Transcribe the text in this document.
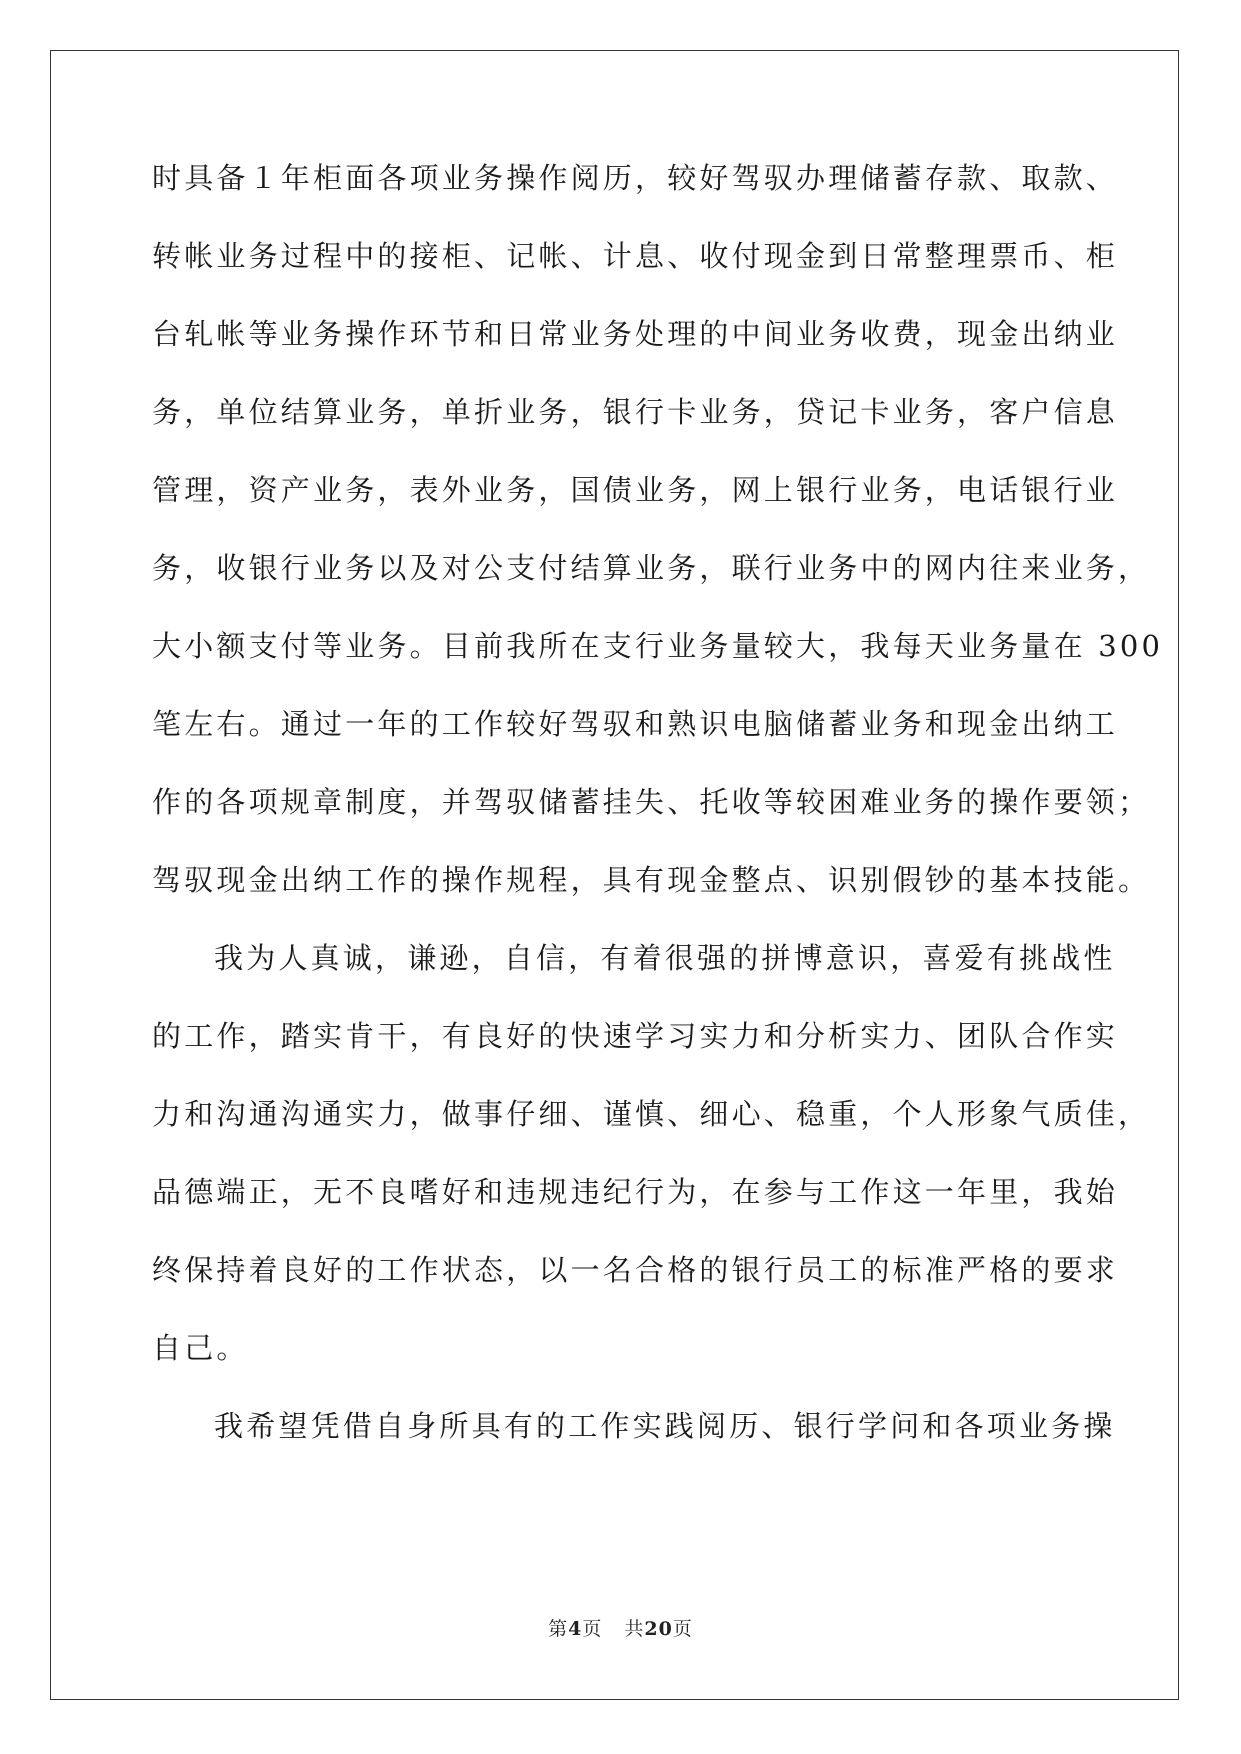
时具备１年柜面各项业务操作阅历，较好驾驭办理储蓄存款、取款、
转帐业务过程中的接柜、记帐、计息、收付现金到日常整理票币、柜
台轧帐等业务操作环节和日常业务处理的中间业务收费，现金出纳业
务，单位结算业务，单折业务，银行卡业务，贷记卡业务，客户信息
管理，资产业务，表外业务，国债业务，网上银行业务，电话银行业
务，收银行业务以及对公支付结算业务，联行业务中的网内往来业务，
大小额支付等业务。目前我所在支行业务量较大，我每天业务量在 300
笔左右。通过一年的工作较好驾驭和熟识电脑储蓄业务和现金出纳工
作的各项规章制度，并驾驭储蓄挂失、托收等较困难业务的操作要领；
驾驭现金出纳工作的操作规程，具有现金整点、识别假钞的基本技能。
我为人真诚，谦逊，自信，有着很强的拼博意识，喜爱有挑战性
的工作，踏实肯干，有良好的快速学习实力和分析实力、团队合作实
力和沟通沟通实力，做事仔细、谨慎、细心、稳重，个人形象气质佳，
品德端正，无不良嗜好和违规违纪行为，在参与工作这一年里，我始
终保持着良好的工作状态，以一名合格的银行员工的标准严格的要求
自己。
我希望凭借自身所具有的工作实践阅历、银行学问和各项业务操
第4页 共20页
